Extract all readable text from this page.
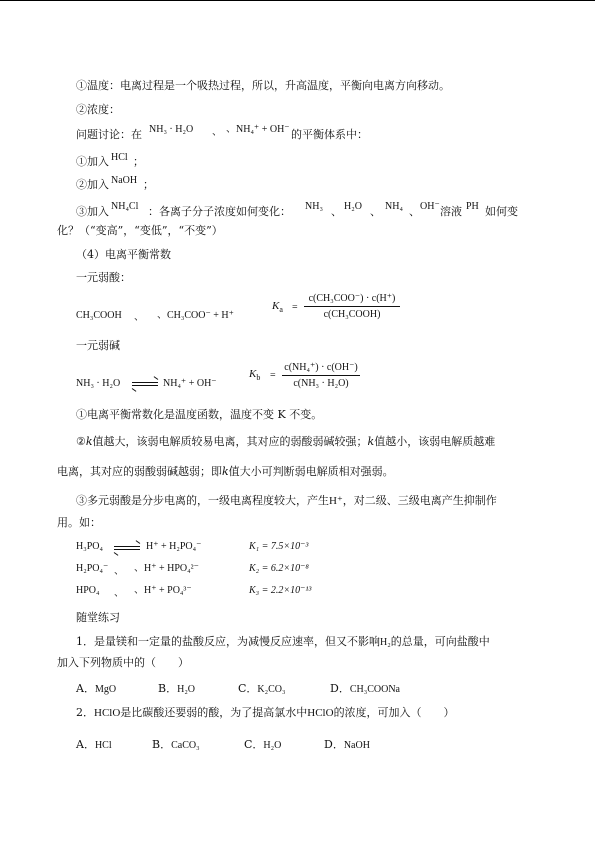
①温度：电离过程是一个吸热过程，所以，升高温度，平衡向电离方向移动。
②浓度：
问题讨论：在 NH₃ · H₂O 、 、NH₄⁺ + OH⁻ 的平衡体系中：
①加入 HCl ；
②加入 NaOH ；
③加入 NH₄Cl ：各离子分子浓度如何变化： NH₃ 、 H₂O 、 NH₄ 、 OH⁻ 溶液 PH 如何变
化？（“变高”，“变低”，“不变”）
（4）电离平衡常数
一元弱酸：
CH₃COOH 、 、CH₃COO⁻ + H⁺
$K_a$ =
c(CH₃COO⁻) · c(H⁺)
c(CH₃COOH)
一元弱碱
NH₃ · H₂O ⇌ NH₄⁺ + OH⁻
$K_b$ =
c(NH₄⁺) · c(OH⁻)
c(NH₃ · H₂O)
①电离平衡常数化是温度函数，温度不变 K 不变。
②k值越大，该弱电解质较易电离，其对应的弱酸弱碱较强；k值越小，该弱电解质越难
电离，其对应的弱酸弱碱越弱；即k值大小可判断弱电解质相对强弱。
③多元弱酸是分步电离的，一级电离程度较大，产生H⁺，对二级、三级电离产生抑制作
用。如：
H₃PO₄ ⇌ H⁺ + H₂PO₄⁻	K₁ = 7.5×10⁻³
H₂PO₄⁻ 、 、H⁺ + HPO₄²⁻	K₂ = 6.2×10⁻⁸
HPO₄ 、 、H⁺ + PO₄³⁻	K₃ = 2.2×10⁻¹³
随堂练习
1．是量镁和一定量的盐酸反应，为减慢反应速率，但又不影响H₂的总量，可向盐酸中
加入下列物质中的（　　）
A．MgO	B．H₂O	C．K₂CO₃	D．CH₃COONa
2．HClO是比碳酸还要弱的酸，为了提高氯水中HClO的浓度，可加入（　　）
A．HCl	B．CaCO₃	C．H₂O	D．NaOH
